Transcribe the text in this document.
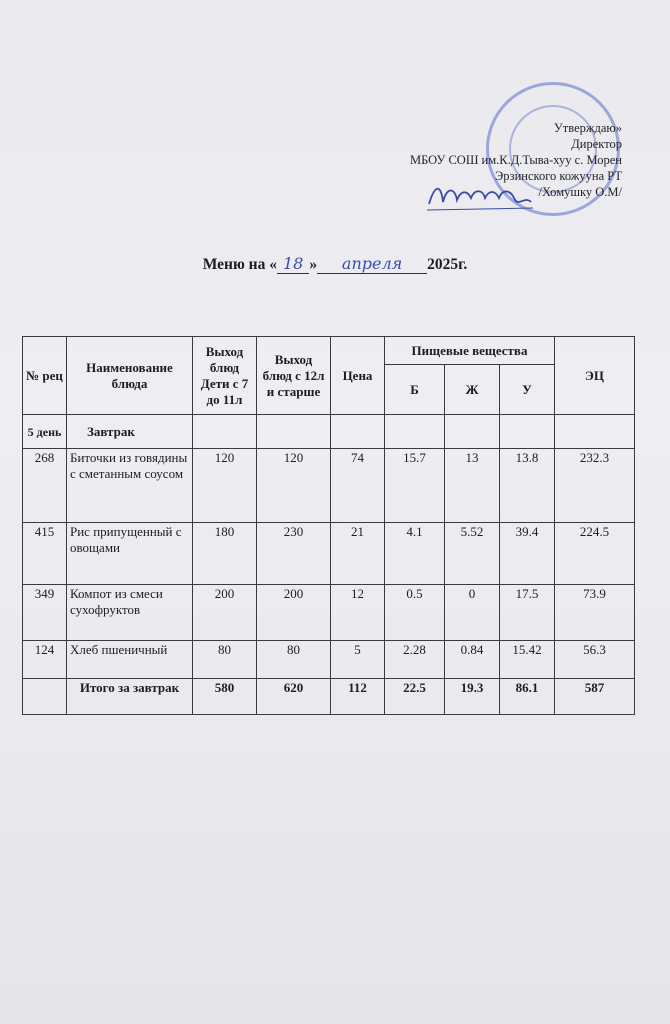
Утверждаю»
Директор
МБОУ СОШ им.К.Д.Тыва-хуу с. Морен
Эрзинского кожууна РТ
/Хомушку О.М/
Меню на « 18 » апреля 2025г.
№ рец	Наименование блюда	Выход блюд Дети с 7 до 11л	Выход блюд с 12л и старше	Цена	Пищевые вещества			ЭЦ
					Б	Ж	У	
5 день	Завтрак							
268	Биточки из говядины с сметанным соусом	120	120	74	15.7	13	13.8	232.3
415	Рис припущенный с овощами	180	230	21	4.1	5.52	39.4	224.5
349	Компот из смеси сухофруктов	200	200	12	0.5	0	17.5	73.9
124	Хлеб пшеничный	80	80	5	2.28	0.84	15.42	56.3
	Итого за завтрак	580	620	112	22.5	19.3	86.1	587
